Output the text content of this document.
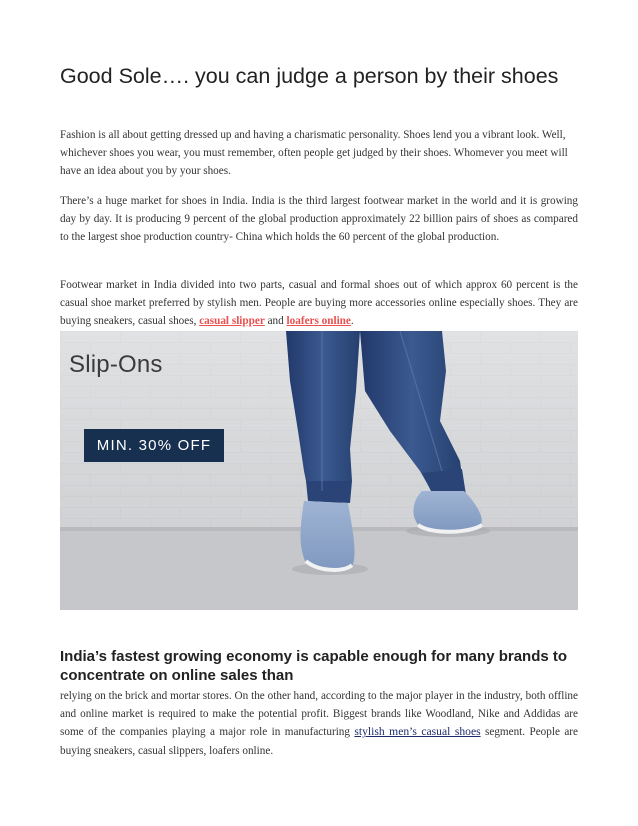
Good Sole…. you can judge a person by their shoes

Fashion is all about getting dressed up and having a charismatic personality. Shoes lend you a vibrant look. Well, whichever shoes you wear, you must remember, often people get judged by their shoes. Whomever you meet will have an idea about you by your shoes.

There’s a huge market for shoes in India. India is the third largest footwear market in the world and it is growing day by day. It is producing 9 percent of the global production approximately 22 billion pairs of shoes as compared to the largest shoe production country- China which holds the 60 percent of the global production.

Footwear market in India divided into two parts, casual and formal shoes out of which approx 60 percent is the casual shoe market preferred by stylish men. People are buying more accessories online especially shoes. They are buying sneakers, casual shoes, casual slipper and loafers online.

Slip-Ons
MIN. 30% OFF
India’s fastest growing economy is capable enough for many brands to concentrate on online sales than

relying on the brick and mortar stores. On the other hand, according to the major player in the industry, both offline and online market is required to make the potential profit. Biggest brands like Woodland, Nike and Addidas are some of the companies playing a major role in manufacturing stylish men’s casual shoes segment. People are buying sneakers, casual slippers, loafers online.
